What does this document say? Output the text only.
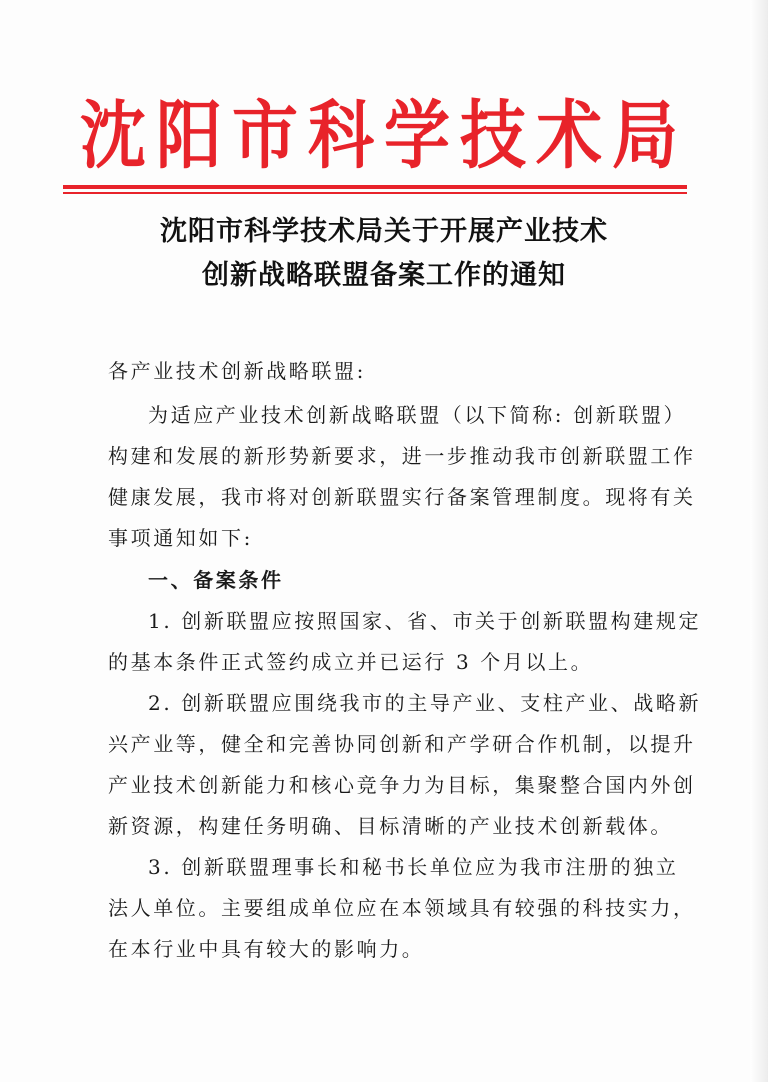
沈阳市科学技术局
沈阳市科学技术局关于开展产业技术
创新战略联盟备案工作的通知
各产业技术创新战略联盟:
为适应产业技术创新战略联盟（以下简称: 创新联盟）
构建和发展的新形势新要求，进一步推动我市创新联盟工作
健康发展，我市将对创新联盟实行备案管理制度。现将有关
事项通知如下:
一、备案条件
1. 创新联盟应按照国家、省、市关于创新联盟构建规定
的基本条件正式签约成立并已运行 3 个月以上。
2. 创新联盟应围绕我市的主导产业、支柱产业、战略新
兴产业等，健全和完善协同创新和产学研合作机制，以提升
产业技术创新能力和核心竞争力为目标，集聚整合国内外创
新资源，构建任务明确、目标清晰的产业技术创新载体。
3. 创新联盟理事长和秘书长单位应为我市注册的独立
法人单位。主要组成单位应在本领域具有较强的科技实力，
在本行业中具有较大的影响力。
